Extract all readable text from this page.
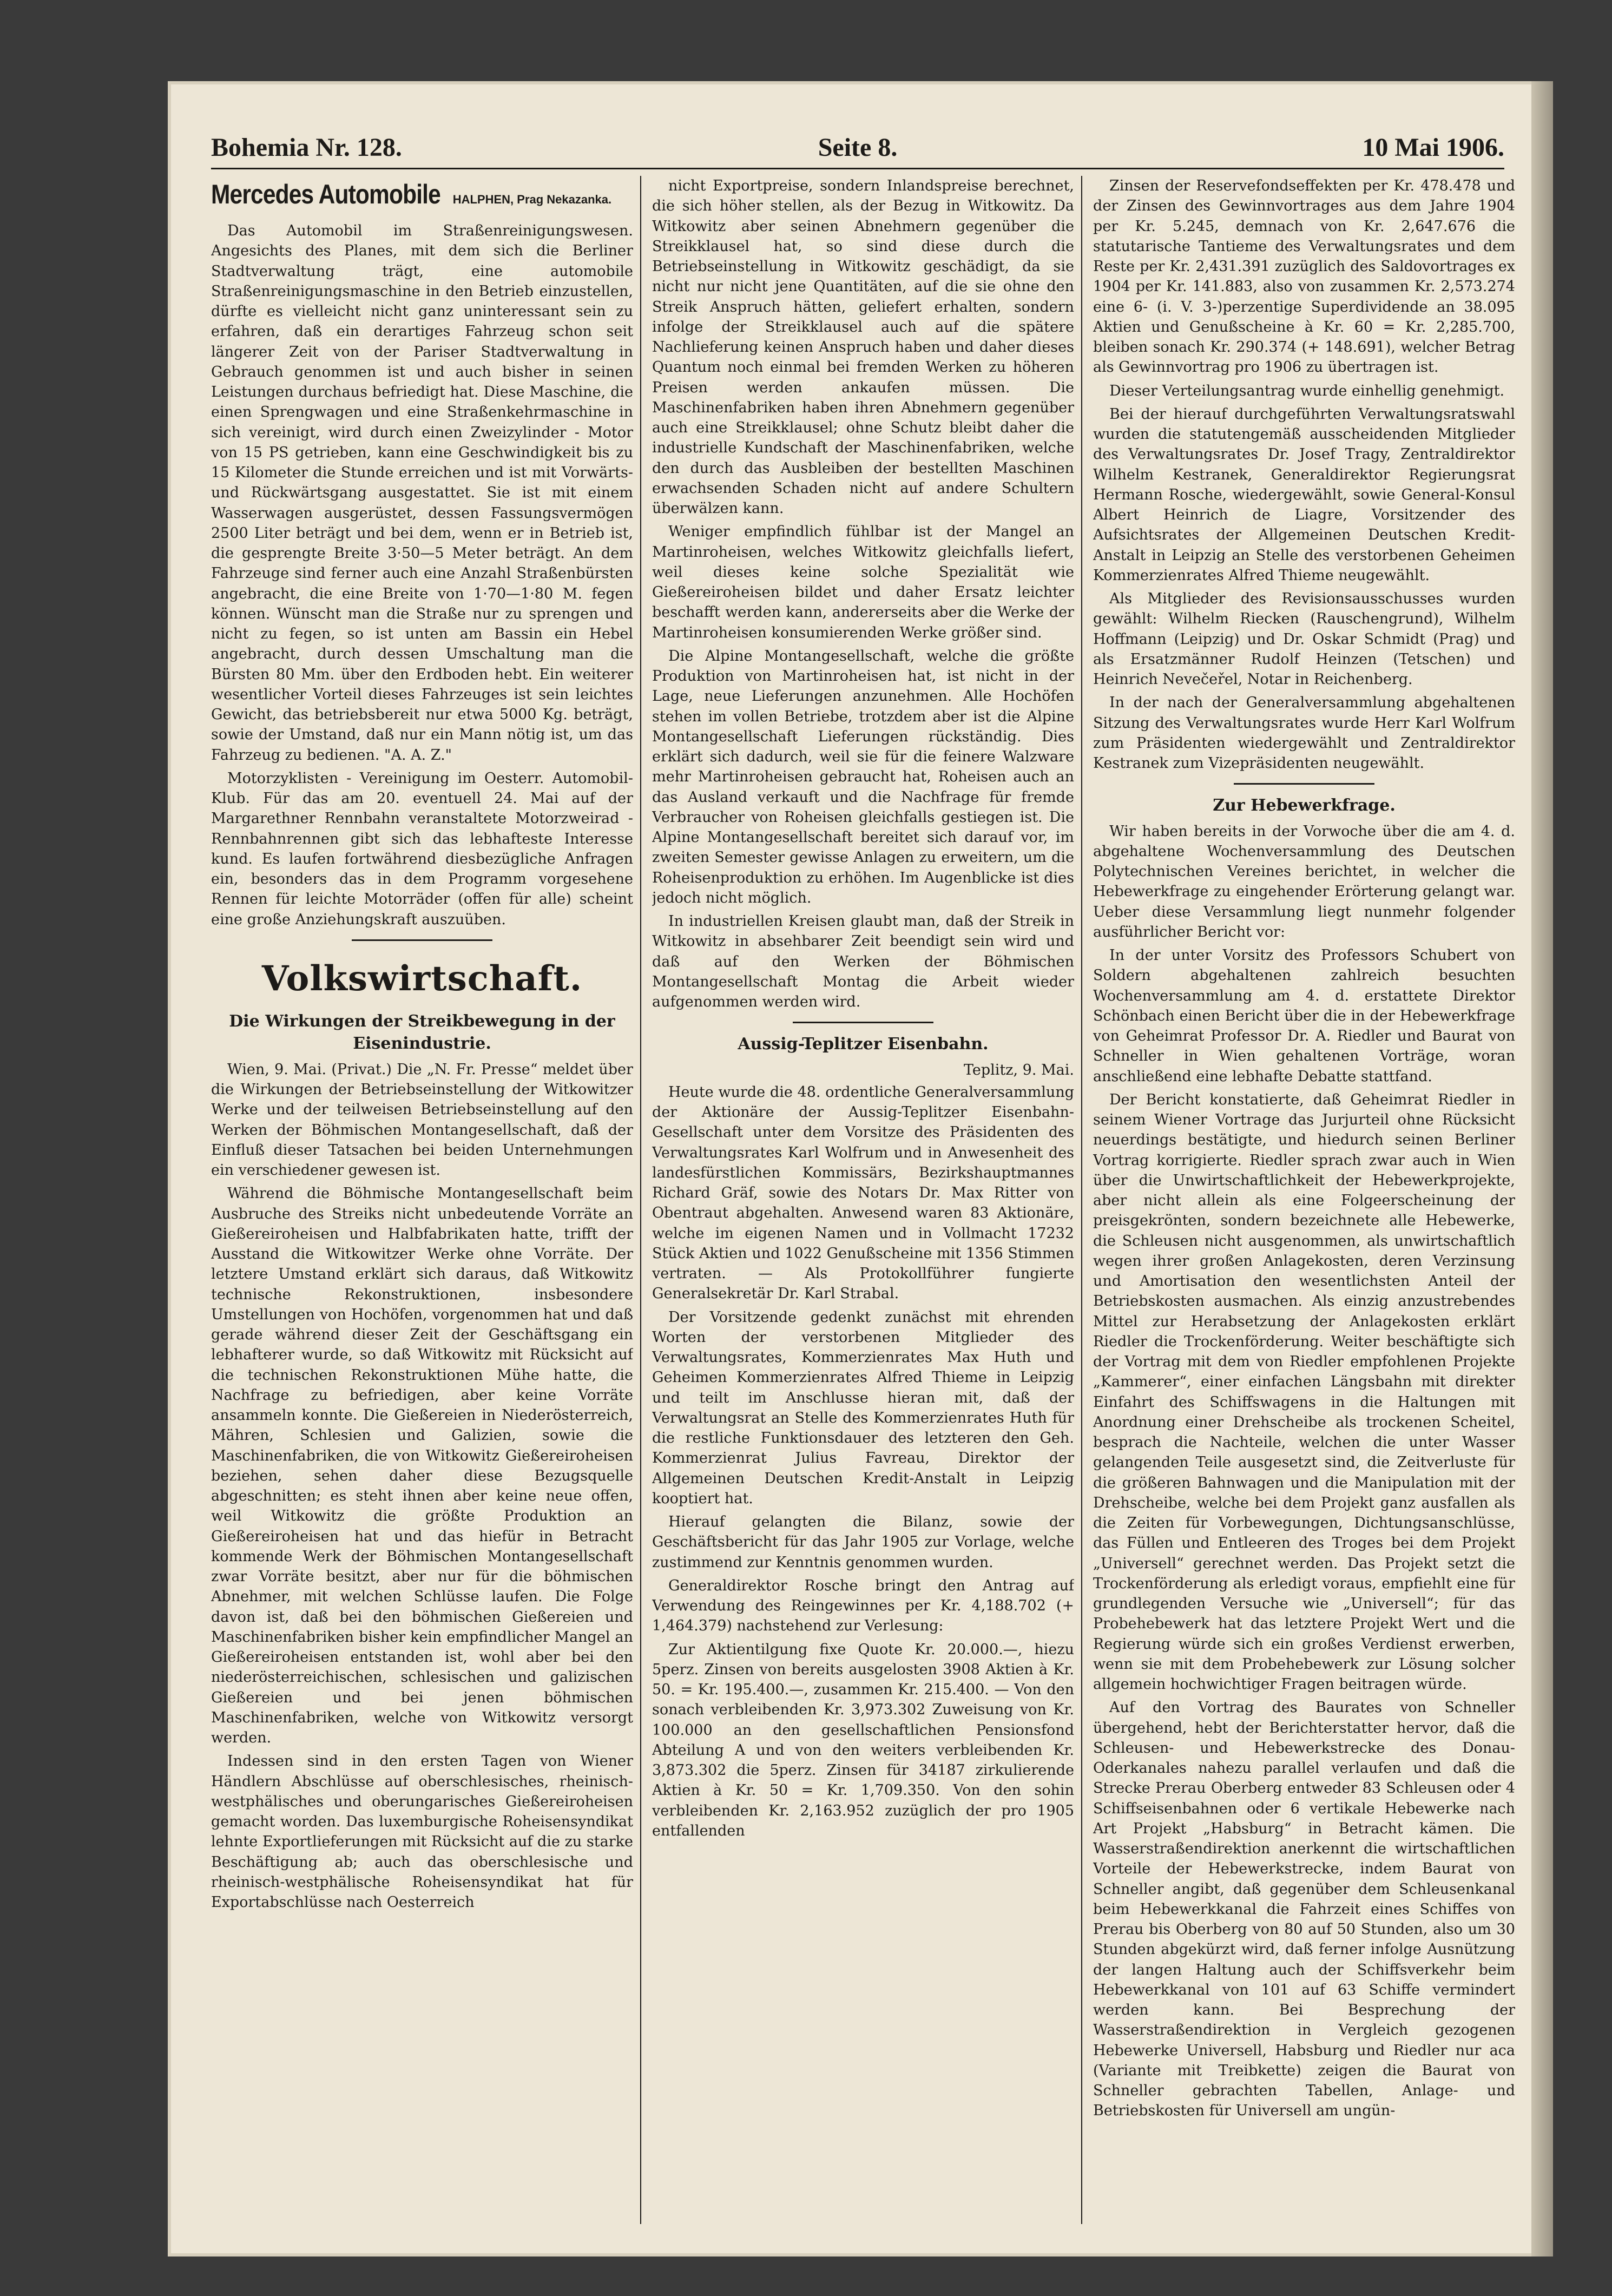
Bohemia Nr. 128.	Seite 8.	10 Mai 1906.
Mercedes Automobile HALPHEN, Prag Nekazanka.

Das Automobil im Straßenreinigungswesen. Angesichts des Planes, mit dem sich die Berliner Stadtverwaltung trägt, eine automobile Straßenreinigungsmaschine in den Betrieb einzustellen, dürfte es vielleicht nicht ganz uninteressant sein zu erfahren, daß ein derartiges Fahrzeug schon seit längerer Zeit von der Pariser Stadtverwaltung in Gebrauch genommen ist und auch bisher in seinen Leistungen durchaus befriedigt hat. Diese Maschine, die einen Sprengwagen und eine Straßenkehrmaschine in sich vereinigt, wird durch einen Zweizylinder - Motor von 15 PS getrieben, kann eine Geschwindigkeit bis zu 15 Kilometer die Stunde erreichen und ist mit Vorwärts- und Rückwärtsgang ausgestattet. Sie ist mit einem Wasserwagen ausgerüstet, dessen Fassungsvermögen 2500 Liter beträgt und bei dem, wenn er in Betrieb ist, die gesprengte Breite 3·50—5 Meter beträgt. An dem Fahrzeuge sind ferner auch eine Anzahl Straßenbürsten angebracht, die eine Breite von 1·70—1·80 M. fegen können. Wünscht man die Straße nur zu sprengen und nicht zu fegen, so ist unten am Bassin ein Hebel angebracht, durch dessen Umschaltung man die Bürsten 80 Mm. über den Erdboden hebt. Ein weiterer wesentlicher Vorteil dieses Fahrzeuges ist sein leichtes Gewicht, das betriebsbereit nur etwa 5000 Kg. beträgt, sowie der Umstand, daß nur ein Mann nötig ist, um das Fahrzeug zu bedienen. "A. A. Z."

Motorzyklisten - Vereinigung im Oesterr. Automobil-Klub. Für das am 20. eventuell 24. Mai auf der Margarethner Rennbahn veranstaltete Motorzweirad - Rennbahnrennen gibt sich das lebhafteste Interesse kund. Es laufen fortwährend diesbezügliche Anfragen ein, besonders das in dem Programm vorgesehene Rennen für leichte Motorräder (offen für alle) scheint eine große Anziehungskraft auszuüben.

Volkswirtschaft.
Die Wirkungen der Streikbewegung in der Eisenindustrie.

Wien, 9. Mai. (Privat.) Die „N. Fr. Presse“ meldet über die Wirkungen der Betriebseinstellung der Witkowitzer Werke und der teilweisen Betriebseinstellung auf den Werken der Böhmischen Montangesellschaft, daß der Einfluß dieser Tatsachen bei beiden Unternehmungen ein verschiedener gewesen ist.

Während die Böhmische Montangesellschaft beim Ausbruche des Streiks nicht unbedeutende Vorräte an Gießereiroheisen und Halbfabrikaten hatte, trifft der Ausstand die Witkowitzer Werke ohne Vorräte. Der letztere Umstand erklärt sich daraus, daß Witkowitz technische Rekonstruktionen, insbesondere Umstellungen von Hochöfen, vorgenommen hat und daß gerade während dieser Zeit der Geschäftsgang ein lebhafterer wurde, so daß Witkowitz mit Rücksicht auf die technischen Rekonstruktionen Mühe hatte, die Nachfrage zu befriedigen, aber keine Vorräte ansammeln konnte. Die Gießereien in Niederösterreich, Mähren, Schlesien und Galizien, sowie die Maschinenfabriken, die von Witkowitz Gießereiroheisen beziehen, sehen daher diese Bezugsquelle abgeschnitten; es steht ihnen aber keine neue offen, weil Witkowitz die größte Produktion an Gießereiroheisen hat und das hiefür in Betracht kommende Werk der Böhmischen Montangesellschaft zwar Vorräte besitzt, aber nur für die böhmischen Abnehmer, mit welchen Schlüsse laufen. Die Folge davon ist, daß bei den böhmischen Gießereien und Maschinenfabriken bisher kein empfindlicher Mangel an Gießereiroheisen entstanden ist, wohl aber bei den niederösterreichischen, schlesischen und galizischen Gießereien und bei jenen böhmischen Maschinenfabriken, welche von Witkowitz versorgt werden.

Indessen sind in den ersten Tagen von Wiener Händlern Abschlüsse auf oberschlesisches, rheinisch-westphälisches und oberungarisches Gießereiroheisen gemacht worden. Das luxemburgische Roheisensyndikat lehnte Exportlieferungen mit Rücksicht auf die zu starke Beschäftigung ab; auch das oberschlesische und rheinisch-westphälische Roheisensyndikat hat für Exportabschlüsse nach Oesterreich

nicht Exportpreise, sondern Inlandspreise berechnet, die sich höher stellen, als der Bezug in Witkowitz. Da Witkowitz aber seinen Abnehmern gegenüber die Streikklausel hat, so sind diese durch die Betriebseinstellung in Witkowitz geschädigt, da sie nicht nur nicht jene Quantitäten, auf die sie ohne den Streik Anspruch hätten, geliefert erhalten, sondern infolge der Streikklausel auch auf die spätere Nachlieferung keinen Anspruch haben und daher dieses Quantum noch einmal bei fremden Werken zu höheren Preisen werden ankaufen müssen. Die Maschinenfabriken haben ihren Abnehmern gegenüber auch eine Streikklausel; ohne Schutz bleibt daher die industrielle Kundschaft der Maschinenfabriken, welche den durch das Ausbleiben der bestellten Maschinen erwachsenden Schaden nicht auf andere Schultern überwälzen kann.

Weniger empfindlich fühlbar ist der Mangel an Martinroheisen, welches Witkowitz gleichfalls liefert, weil dieses keine solche Spezialität wie Gießereiroheisen bildet und daher Ersatz leichter beschafft werden kann, andererseits aber die Werke der Martinroheisen konsumierenden Werke größer sind.

Die Alpine Montangesellschaft, welche die größte Produktion von Martinroheisen hat, ist nicht in der Lage, neue Lieferungen anzunehmen. Alle Hochöfen stehen im vollen Betriebe, trotzdem aber ist die Alpine Montangesellschaft Lieferungen rückständig. Dies erklärt sich dadurch, weil sie für die feinere Walzware mehr Martinroheisen gebraucht hat, Roheisen auch an das Ausland verkauft und die Nachfrage für fremde Verbraucher von Roheisen gleichfalls gestiegen ist. Die Alpine Montangesellschaft bereitet sich darauf vor, im zweiten Semester gewisse Anlagen zu erweitern, um die Roheisenproduktion zu erhöhen. Im Augenblicke ist dies jedoch nicht möglich.

In industriellen Kreisen glaubt man, daß der Streik in Witkowitz in absehbarer Zeit beendigt sein wird und daß auf den Werken der Böhmischen Montangesellschaft Montag die Arbeit wieder aufgenommen werden wird.

Aussig-Teplitzer Eisenbahn.
Teplitz, 9. Mai.

Heute wurde die 48. ordentliche Generalversammlung der Aktionäre der Aussig-Teplitzer Eisenbahn-Gesellschaft unter dem Vorsitze des Präsidenten des Verwaltungsrates Karl Wolfrum und in Anwesenheit des landesfürstlichen Kommissärs, Bezirkshauptmannes Richard Gräf, sowie des Notars Dr. Max Ritter von Obentraut abgehalten. Anwesend waren 83 Aktionäre, welche im eigenen Namen und in Vollmacht 17232 Stück Aktien und 1022 Genußscheine mit 1356 Stimmen vertraten. — Als Protokollführer fungierte Generalsekretär Dr. Karl Strabal.

Der Vorsitzende gedenkt zunächst mit ehrenden Worten der verstorbenen Mitglieder des Verwaltungsrates, Kommerzienrates Max Huth und Geheimen Kommerzienrates Alfred Thieme in Leipzig und teilt im Anschlusse hieran mit, daß der Verwaltungsrat an Stelle des Kommerzienrates Huth für die restliche Funktionsdauer des letzteren den Geh. Kommerzienrat Julius Favreau, Direktor der Allgemeinen Deutschen Kredit-Anstalt in Leipzig kooptiert hat.

Hierauf gelangten die Bilanz, sowie der Geschäftsbericht für das Jahr 1905 zur Vorlage, welche zustimmend zur Kenntnis genommen wurden.

Generaldirektor Rosche bringt den Antrag auf Verwendung des Reingewinnes per Kr. 4,188.702 (+ 1,464.379) nachstehend zur Verlesung:

Zur Aktientilgung fixe Quote Kr. 20.000.—, hiezu 5perz. Zinsen von bereits ausgelosten 3908 Aktien à Kr. 50. = Kr. 195.400.—, zusammen Kr. 215.400. — Von den sonach verbleibenden Kr. 3,973.302 Zuweisung von Kr. 100.000 an den gesellschaftlichen Pensionsfond Abteilung A und von den weiters verbleibenden Kr. 3,873.302 die 5perz. Zinsen für 34187 zirkulierende Aktien à Kr. 50 = Kr. 1,709.350. Von den sohin verbleibenden Kr. 2,163.952 zuzüglich der pro 1905 entfallenden

Zinsen der Reservefondseffekten per Kr. 478.478 und der Zinsen des Gewinnvortrages aus dem Jahre 1904 per Kr. 5.245, demnach von Kr. 2,647.676 die statutarische Tantieme des Verwaltungsrates und dem Reste per Kr. 2,431.391 zuzüglich des Saldovortrages ex 1904 per Kr. 141.883, also von zusammen Kr. 2,573.274 eine 6- (i. V. 3-)perzentige Superdividende an 38.095 Aktien und Genußscheine à Kr. 60 = Kr. 2,285.700, bleiben sonach Kr. 290.374 (+ 148.691), welcher Betrag als Gewinnvortrag pro 1906 zu übertragen ist.

Dieser Verteilungsantrag wurde einhellig genehmigt.

Bei der hierauf durchgeführten Verwaltungsratswahl wurden die statutengemäß ausscheidenden Mitglieder des Verwaltungsrates Dr. Josef Tragy, Zentraldirektor Wilhelm Kestranek, Generaldirektor Regierungsrat Hermann Rosche, wiedergewählt, sowie General-Konsul Albert Heinrich de Liagre, Vorsitzender des Aufsichtsrates der Allgemeinen Deutschen Kredit-Anstalt in Leipzig an Stelle des verstorbenen Geheimen Kommerzienrates Alfred Thieme neugewählt.

Als Mitglieder des Revisionsausschusses wurden gewählt: Wilhelm Riecken (Rauschengrund), Wilhelm Hoffmann (Leipzig) und Dr. Oskar Schmidt (Prag) und als Ersatzmänner Rudolf Heinzen (Tetschen) und Heinrich Nevečeřel, Notar in Reichenberg.

In der nach der Generalversammlung abgehaltenen Sitzung des Verwaltungsrates wurde Herr Karl Wolfrum zum Präsidenten wiedergewählt und Zentraldirektor Kestranek zum Vizepräsidenten neugewählt.

Zur Hebewerkfrage.

Wir haben bereits in der Vorwoche über die am 4. d. abgehaltene Wochenversammlung des Deutschen Polytechnischen Vereines berichtet, in welcher die Hebewerkfrage zu eingehender Erörterung gelangt war. Ueber diese Versammlung liegt nunmehr folgender ausführlicher Bericht vor:

In der unter Vorsitz des Professors Schubert von Soldern abgehaltenen zahlreich besuchten Wochenversammlung am 4. d. erstattete Direktor Schönbach einen Bericht über die in der Hebewerkfrage von Geheimrat Professor Dr. A. Riedler und Baurat von Schneller in Wien gehaltenen Vorträge, woran anschließend eine lebhafte Debatte stattfand.

Der Bericht konstatierte, daß Geheimrat Riedler in seinem Wiener Vortrage das Jurjurteil ohne Rücksicht neuerdings bestätigte, und hiedurch seinen Berliner Vortrag korrigierte. Riedler sprach zwar auch in Wien über die Unwirtschaftlichkeit der Hebewerkprojekte, aber nicht allein als eine Folgeerscheinung der preisgekrönten, sondern bezeichnete alle Hebewerke, die Schleusen nicht ausgenommen, als unwirtschaftlich wegen ihrer großen Anlagekosten, deren Verzinsung und Amortisation den wesentlichsten Anteil der Betriebskosten ausmachen. Als einzig anzustrebendes Mittel zur Herabsetzung der Anlagekosten erklärt Riedler die Trockenförderung. Weiter beschäftigte sich der Vortrag mit dem von Riedler empfohlenen Projekte „Kammerer“, einer einfachen Längsbahn mit direkter Einfahrt des Schiffswagens in die Haltungen mit Anordnung einer Drehscheibe als trockenen Scheitel, besprach die Nachteile, welchen die unter Wasser gelangenden Teile ausgesetzt sind, die Zeitverluste für die größeren Bahnwagen und die Manipulation mit der Drehscheibe, welche bei dem Projekt ganz ausfallen als die Zeiten für Vorbewegungen, Dichtungsanschlüsse, das Füllen und Entleeren des Troges bei dem Projekt „Universell“ gerechnet werden. Das Projekt setzt die Trockenförderung als erledigt voraus, empfiehlt eine für grundlegenden Versuche wie „Universell“; für das Probehebewerk hat das letztere Projekt Wert und die Regierung würde sich ein großes Verdienst erwerben, wenn sie mit dem Probehebewerk zur Lösung solcher allgemein hochwichtiger Fragen beitragen würde.

Auf den Vortrag des Baurates von Schneller übergehend, hebt der Berichterstatter hervor, daß die Schleusen- und Hebewerkstrecke des Donau-Oderkanales nahezu parallel verlaufen und daß die Strecke Prerau Oberberg entweder 83 Schleusen oder 4 Schiffseisenbahnen oder 6 vertikale Hebewerke nach Art Projekt „Habsburg“ in Betracht kämen. Die Wasserstraßendirektion anerkennt die wirtschaftlichen Vorteile der Hebewerkstrecke, indem Baurat von Schneller angibt, daß gegenüber dem Schleusenkanal beim Hebewerkkanal die Fahrzeit eines Schiffes von Prerau bis Oberberg von 80 auf 50 Stunden, also um 30 Stunden abgekürzt wird, daß ferner infolge Ausnützung der langen Haltung auch der Schiffsverkehr beim Hebewerkkanal von 101 auf 63 Schiffe vermindert werden kann. Bei Besprechung der Wasserstraßendirektion in Vergleich gezogenen Hebewerke Universell, Habsburg und Riedler nur aca (Variante mit Treibkette) zeigen die Baurat von Schneller gebrachten Tabellen, Anlage- und Betriebskosten für Universell am ungün-
